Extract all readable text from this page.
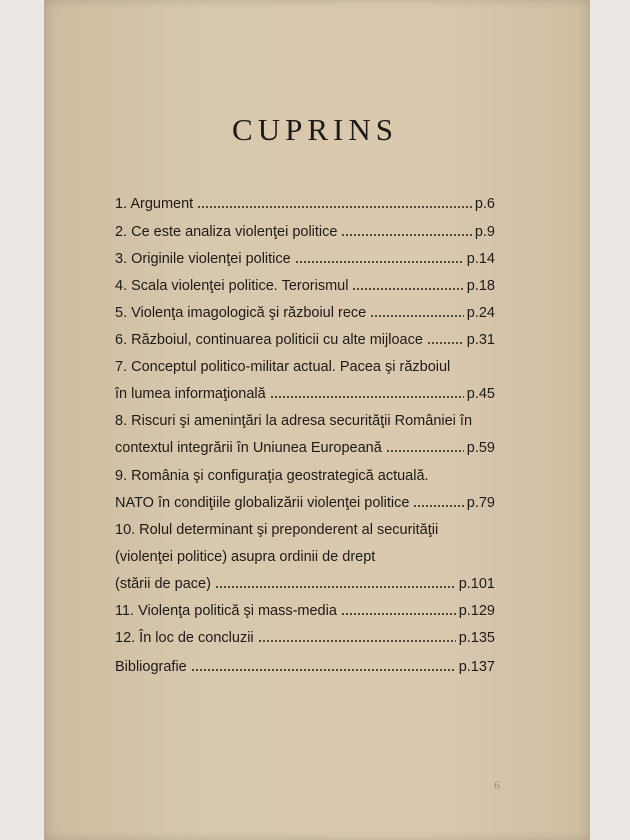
CUPRINS
1. Argument	p.6
2. Ce este analiza violenţei politice	p.9
3. Originile violenţei politice	p.14
4. Scala violenţei politice. Terorismul	p.18
5. Violenţa imagologică şi războiul rece	p.24
6. Războiul, continuarea politicii cu alte mijloace	p.31
7. Conceptul politico-militar actual. Pacea şi războiul
în lumea informaţională	p.45
8. Riscuri şi ameninţări la adresa securităţii României în
contextul integrării în Uniunea Europeană	p.59
9. România şi configuraţia geostrategică actuală.
NATO în condiţiile globalizării violenţei politice	p.79
10. Rolul determinant şi preponderent al securităţii
(violenţei politice) asupra ordinii de drept
(stării de pace)	p.101
11. Violenţa politică şi mass-media	p.129
12. În loc de concluzii	p.135
Bibliografie	p.137
6
